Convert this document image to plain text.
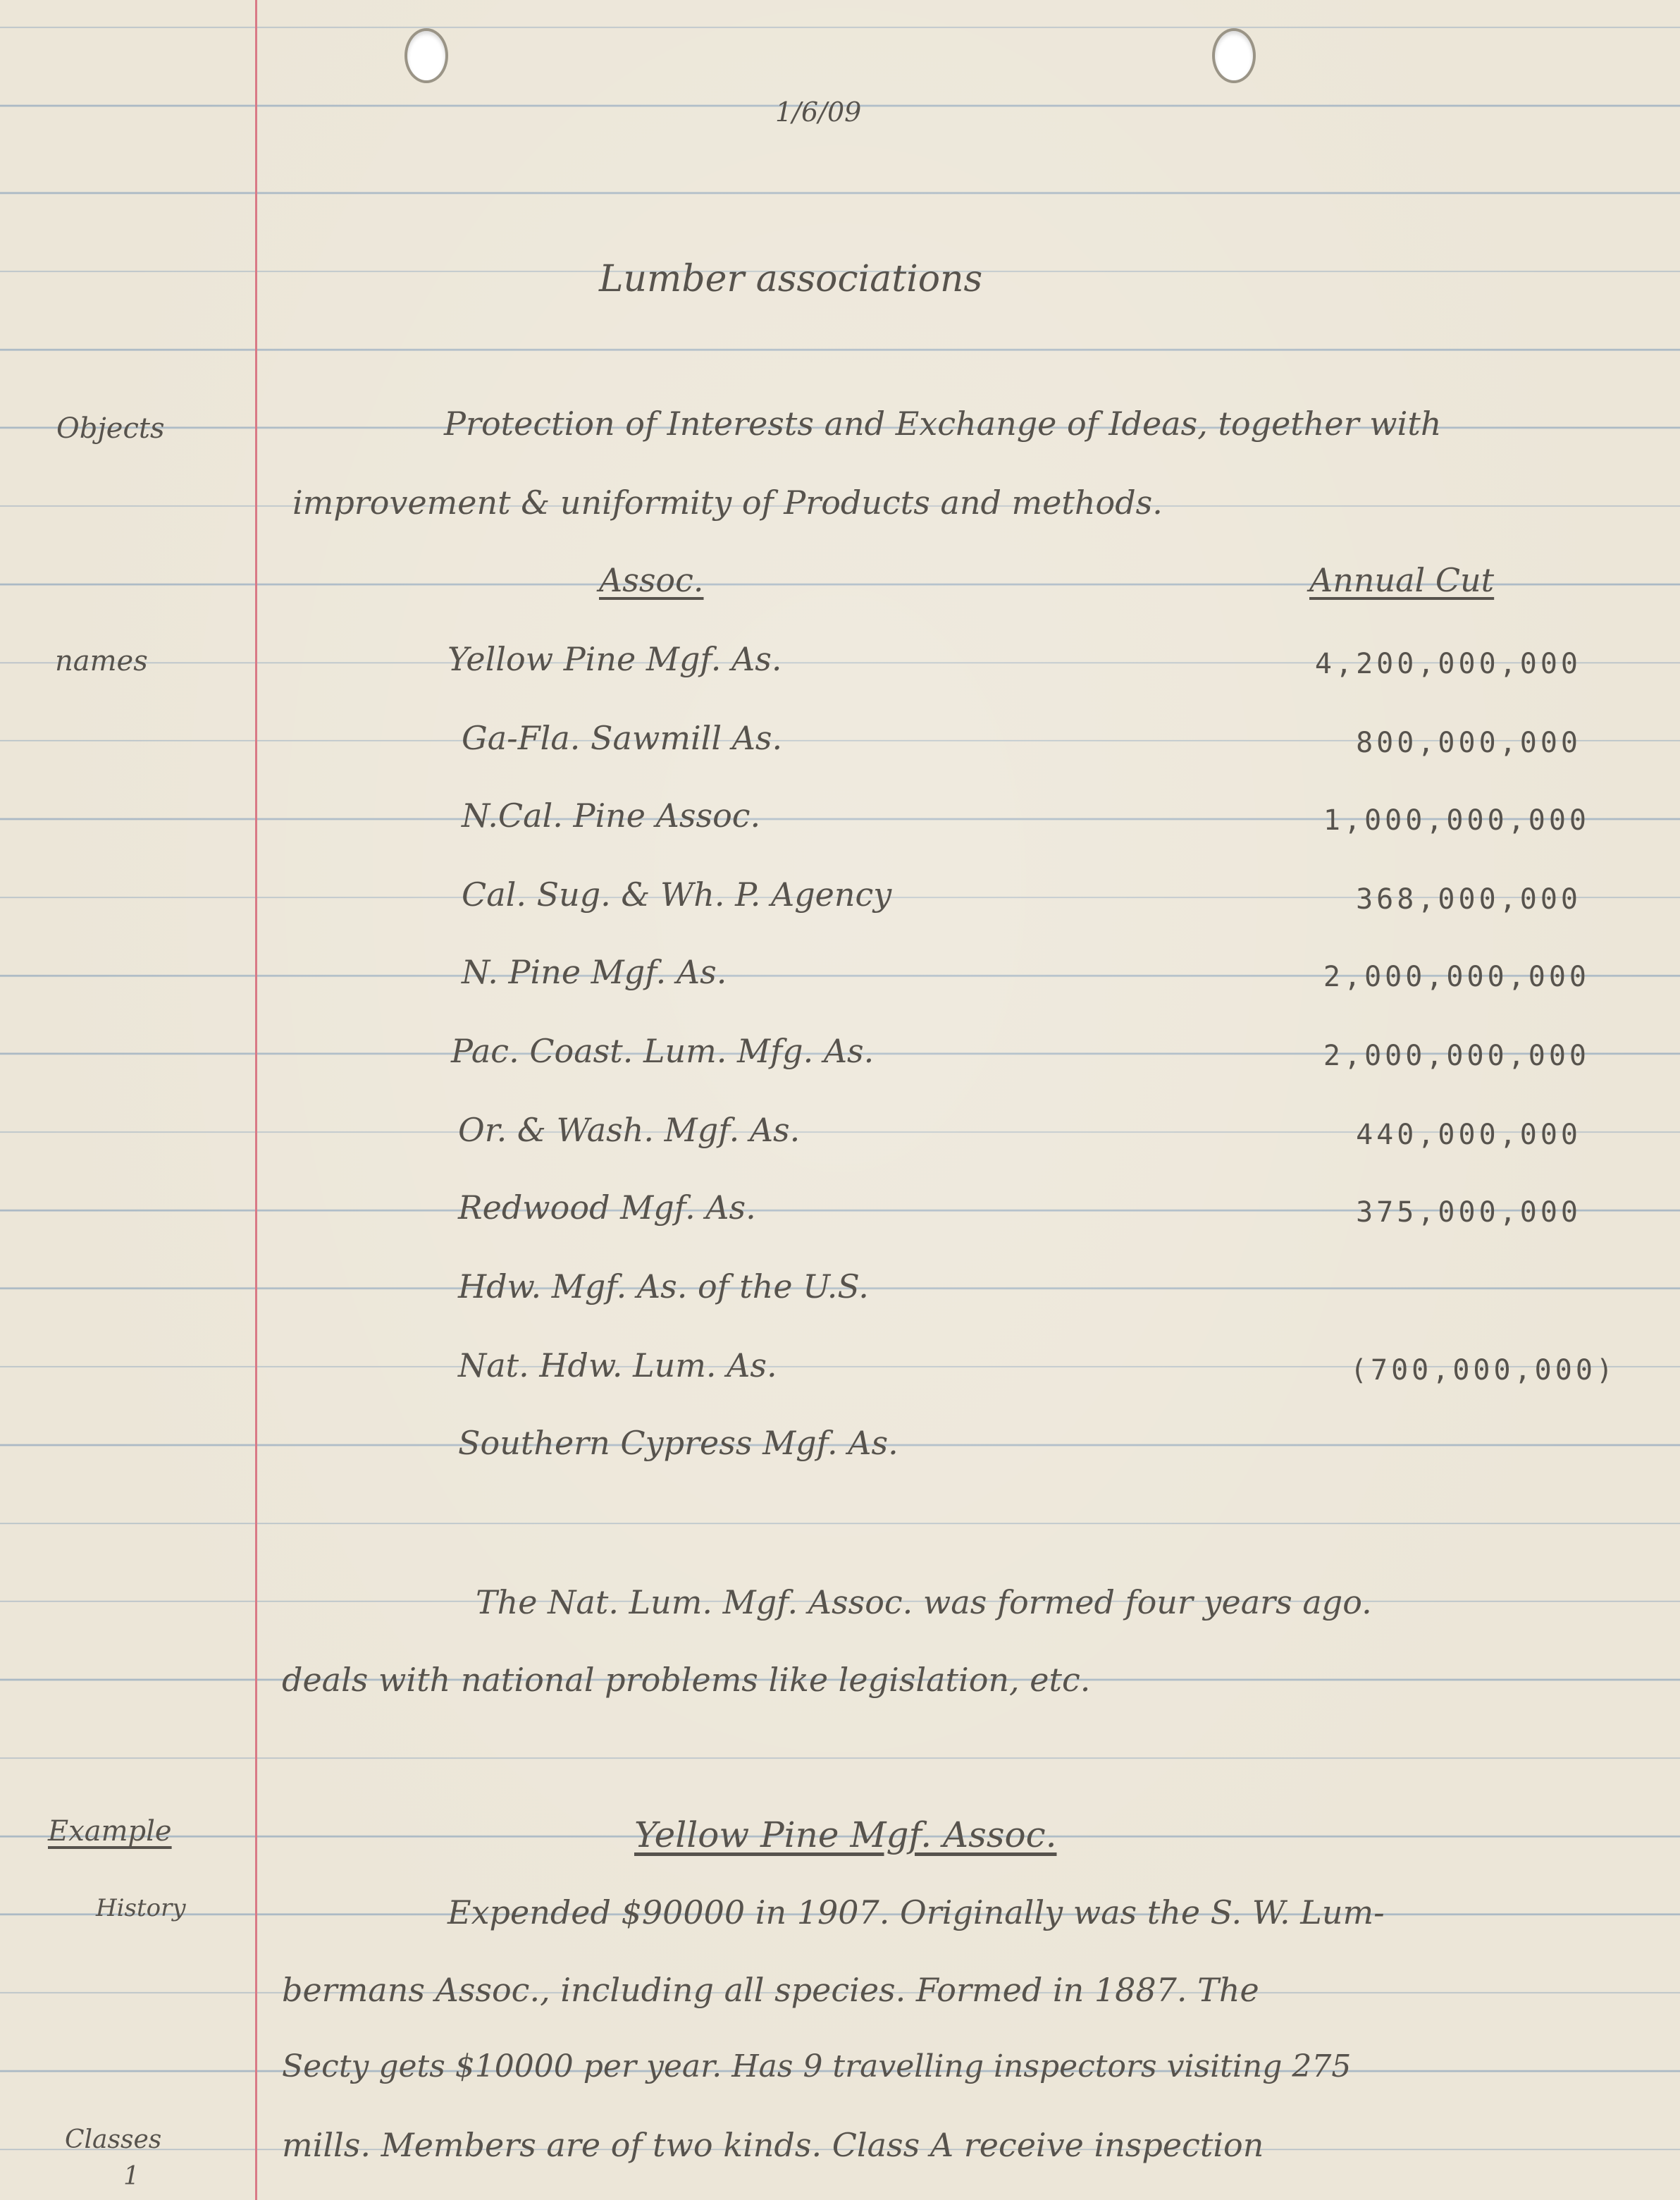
1/6/09
Lumber associations
Objects
names
Example
History
Classes
1
Protection of Interests and Exchange of Ideas, together with
improvement & uniformity of Products and methods.
Assoc.	Annual Cut
Yellow Pine Mgf. As.	4,200,000,000
Ga-Fla. Sawmill As.	800,000,000
N.Cal. Pine Assoc.	1,000,000,000
Cal. Sug. & Wh. P. Agency	368,000,000
N. Pine Mgf. As.	2,000,000,000
Pac. Coast. Lum. Mfg. As.	2,000,000,000
Or. & Wash. Mgf. As.	440,000,000
Redwood Mgf. As.	375,000,000
Hdw. Mgf. As. of the U.S.
Nat. Hdw. Lum. As.	(700,000,000)
Southern Cypress Mgf. As.
The Nat. Lum. Mgf. Assoc. was formed four years ago.
deals with national problems like legislation, etc.
Yellow Pine Mgf. Assoc.
Expended $90000 in 1907. Originally was the S. W. Lum-
bermans Assoc., including all species. Formed in 1887. The
Secty gets $10000 per year. Has 9 travelling inspectors visiting 275
mills. Members are of two kinds. Class A receive inspection
